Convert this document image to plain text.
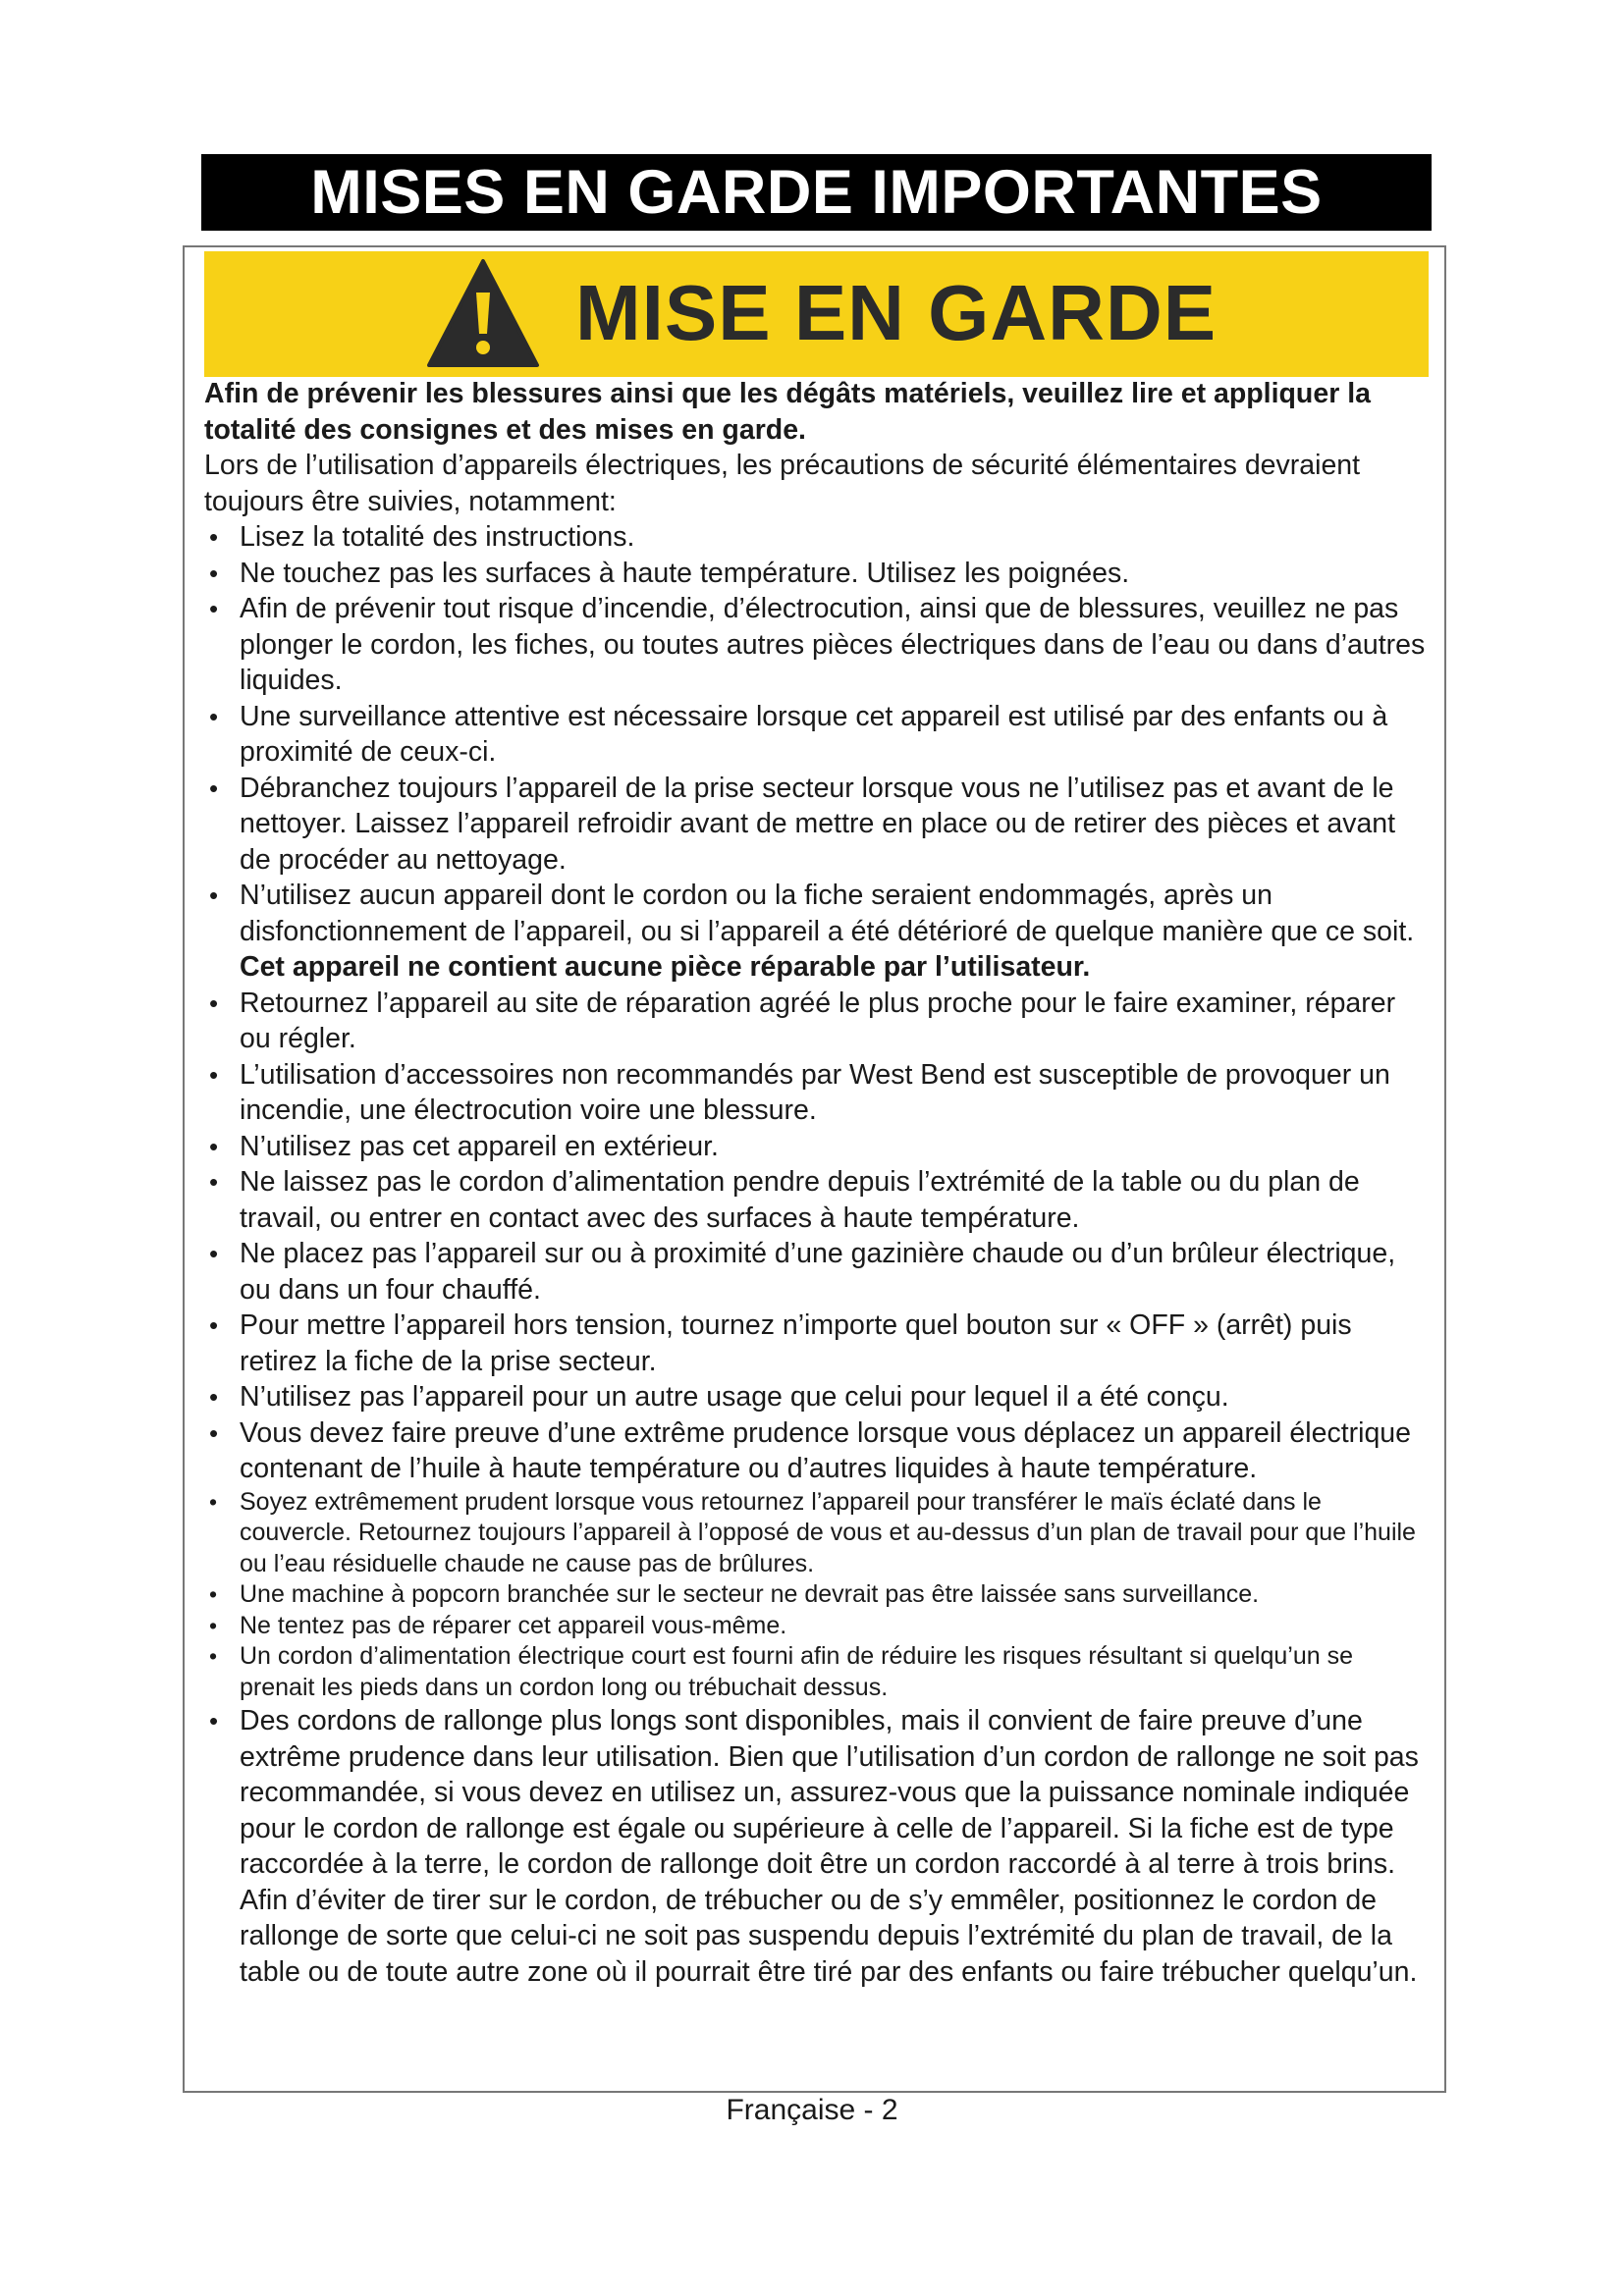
MISES EN GARDE IMPORTANTES
MISE EN GARDE

Afin de prévenir les blessures ainsi que les dégâts matériels, veuillez lire et appliquer la totalité des consignes et des mises en garde.

Lors de l’utilisation d’appareils électriques, les précautions de sécurité élémentaires devraient toujours être suivies, notamment:

• Lisez la totalité des instructions.
• Ne touchez pas les surfaces à haute température. Utilisez les poignées.
• Afin de prévenir tout risque d’incendie, d’électrocution, ainsi que de blessures, veuillez ne pas plonger le cordon, les fiches, ou toutes autres pièces électriques dans de l’eau ou dans d’autres liquides.
• Une surveillance attentive est nécessaire lorsque cet appareil est utilisé par des enfants ou à proximité de ceux-ci.
• Débranchez toujours l’appareil de la prise secteur lorsque vous ne l’utilisez pas et avant de le nettoyer. Laissez l’appareil refroidir avant de mettre en place ou de retirer des pièces et avant de procéder au nettoyage.
• N’utilisez aucun appareil dont le cordon ou la fiche seraient endommagés, après un disfonctionnement de l’appareil, ou si l’appareil a été détérioré de quelque manière que ce soit. Cet appareil ne contient aucune pièce réparable par l’utilisateur.
• Retournez l’appareil au site de réparation agréé le plus proche pour le faire examiner, réparer ou régler.
• L’utilisation d’accessoires non recommandés par West Bend est susceptible de provoquer un incendie, une électrocution voire une blessure.
• N’utilisez pas cet appareil en extérieur.
• Ne laissez pas le cordon d’alimentation pendre depuis l’extrémité de la table ou du plan de travail, ou entrer en contact avec des surfaces à haute température.
• Ne placez pas l’appareil sur ou à proximité d’une gazinière chaude ou d’un brûleur électrique, ou dans un four chauffé.
• Pour mettre l’appareil hors tension, tournez n’importe quel bouton sur « OFF » (arrêt) puis retirez la fiche de la prise secteur.
• N’utilisez pas l’appareil pour un autre usage que celui pour lequel il a été conçu.
• Vous devez faire preuve d’une extrême prudence lorsque vous déplacez un appareil électrique contenant de l’huile à haute température ou d’autres liquides à haute température.
• Soyez extrêmement prudent lorsque vous retournez l’appareil pour transférer le maïs éclaté dans le couvercle. Retournez toujours l’appareil à l’opposé de vous et au-dessus d’un plan de travail pour que l’huile ou l’eau résiduelle chaude ne cause pas de brûlures.
• Une machine à popcorn branchée sur le secteur ne devrait pas être laissée sans surveillance.
• Ne tentez pas de réparer cet appareil vous-même.
• Un cordon d’alimentation électrique court est fourni afin de réduire les risques résultant si quelqu’un se prenait les pieds dans un cordon long ou trébuchait dessus.
• Des cordons de rallonge plus longs sont disponibles, mais il convient de faire preuve d’une extrême prudence dans leur utilisation. Bien que l’utilisation d’un cordon de rallonge ne soit pas recommandée, si vous devez en utilisez un, assurez-vous que la puissance nominale indiquée pour le cordon de rallonge est égale ou supérieure à celle de l’appareil. Si la fiche est de type raccordée à la terre, le cordon de rallonge doit être un cordon raccordé à al terre à trois brins. Afin d’éviter de tirer sur le cordon, de trébucher ou de s’y emmêler, positionnez le cordon de rallonge de sorte que celui-ci ne soit pas suspendu depuis l’extrémité du plan de travail, de la table ou de toute autre zone où il pourrait être tiré par des enfants ou faire trébucher quelqu’un.
Française - 2
